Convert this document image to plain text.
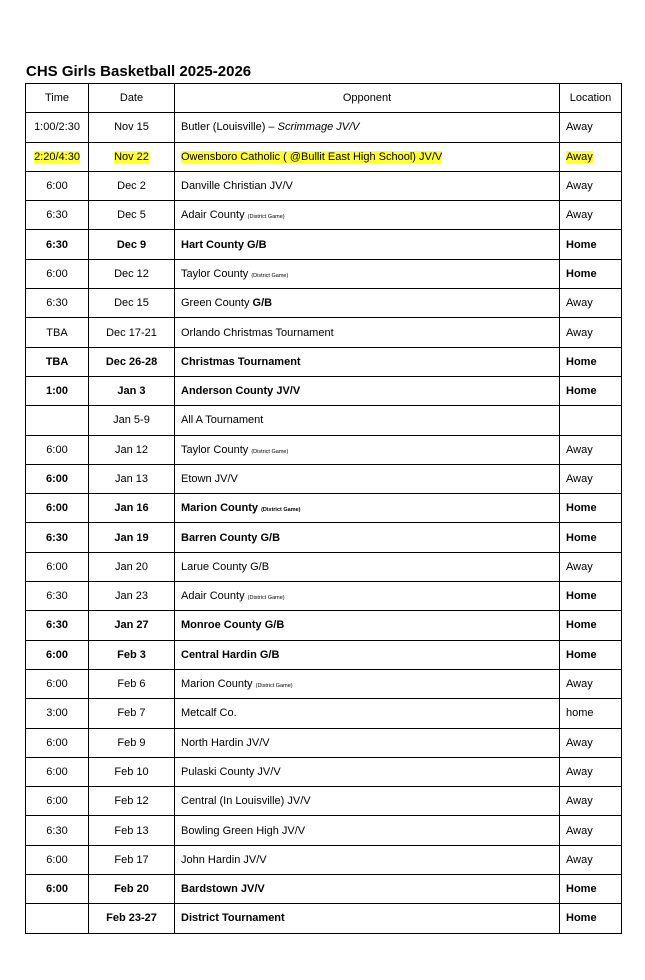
CHS Girls Basketball 2025-2026
Time	Date	Opponent	Location
1:00/2:30	Nov 15	Butler (Louisville) – Scrimmage JV/V	Away
2:20/4:30	Nov 22	Owensboro Catholic ( @Bullit East High School) JV/V	Away
6:00	Dec 2	Danville Christian JV/V	Away
6:30	Dec 5	Adair County (District Game)	Away
6:30	Dec 9	Hart County G/B	Home
6:00	Dec 12	Taylor County (District Game)	Home
6:30	Dec 15	Green County G/B	Away
TBA	Dec 17-21	Orlando Christmas Tournament	Away
TBA	Dec 26-28	Christmas Tournament	Home
1:00	Jan 3	Anderson County JV/V	Home
	Jan 5-9	All A Tournament	
6:00	Jan 12	Taylor County (District Game)	Away
6:00	Jan 13	Etown JV/V	Away
6:00	Jan 16	Marion County (District Game)	Home
6:30	Jan 19	Barren County G/B	Home
6:00	Jan 20	Larue County G/B	Away
6:30	Jan 23	Adair County (District Game)	Home
6:30	Jan 27	Monroe County G/B	Home
6:00	Feb 3	Central Hardin G/B	Home
6:00	Feb 6	Marion County (District Game)	Away
3:00	Feb 7	Metcalf Co.	home
6:00	Feb 9	North Hardin JV/V	Away
6:00	Feb 10	Pulaski County JV/V	Away
6:00	Feb 12	Central (In Louisville) JV/V	Away
6:30	Feb 13	Bowling Green High JV/V	Away
6:00	Feb 17	John Hardin JV/V	Away
6:00	Feb 20	Bardstown JV/V	Home
	Feb 23-27	District Tournament	Home
